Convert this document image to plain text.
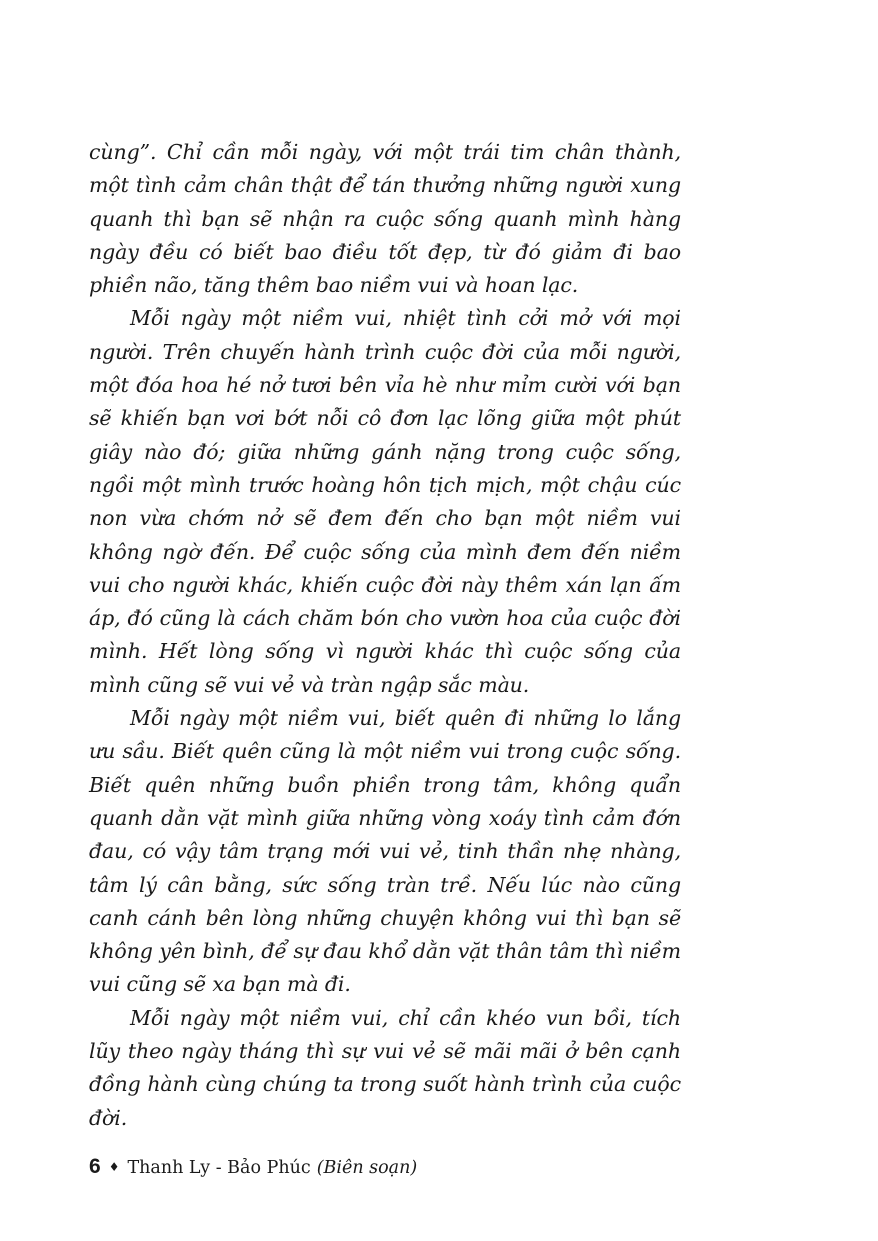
cùng”. Chỉ cần mỗi ngày, với một trái tim chân thành, một tình cảm chân thật để tán thưởng những người xung quanh thì bạn sẽ nhận ra cuộc sống quanh mình hàng ngày đều có biết bao điều tốt đẹp, từ đó giảm đi bao phiền não, tăng thêm bao niềm vui và hoan lạc.

Mỗi ngày một niềm vui, nhiệt tình cởi mở với mọi người. Trên chuyến hành trình cuộc đời của mỗi người, một đóa hoa hé nở tươi bên vỉa hè như mỉm cười với bạn sẽ khiến bạn vơi bớt nỗi cô đơn lạc lõng giữa một phút giây nào đó; giữa những gánh nặng trong cuộc sống, ngồi một mình trước hoàng hôn tịch mịch, một chậu cúc non vừa chớm nở sẽ đem đến cho bạn một niềm vui không ngờ đến. Để cuộc sống của mình đem đến niềm vui cho người khác, khiến cuộc đời này thêm xán lạn ấm áp, đó cũng là cách chăm bón cho vườn hoa của cuộc đời mình. Hết lòng sống vì người khác thì cuộc sống của mình cũng sẽ vui vẻ và tràn ngập sắc màu.

Mỗi ngày một niềm vui, biết quên đi những lo lắng ưu sầu. Biết quên cũng là một niềm vui trong cuộc sống. Biết quên những buồn phiền trong tâm, không quẩn quanh dằn vặt mình giữa những vòng xoáy tình cảm đớn đau, có vậy tâm trạng mới vui vẻ, tinh thần nhẹ nhàng, tâm lý cân bằng, sức sống tràn trề. Nếu lúc nào cũng canh cánh bên lòng những chuyện không vui thì bạn sẽ không yên bình, để sự đau khổ dằn vặt thân tâm thì niềm vui cũng sẽ xa bạn mà đi.

Mỗi ngày một niềm vui, chỉ cần khéo vun bồi, tích lũy theo ngày tháng thì sự vui vẻ sẽ mãi mãi ở bên cạnh đồng hành cùng chúng ta trong suốt hành trình của cuộc đời.

6 ♦ Thanh Ly - Bảo Phúc (Biên soạn)
